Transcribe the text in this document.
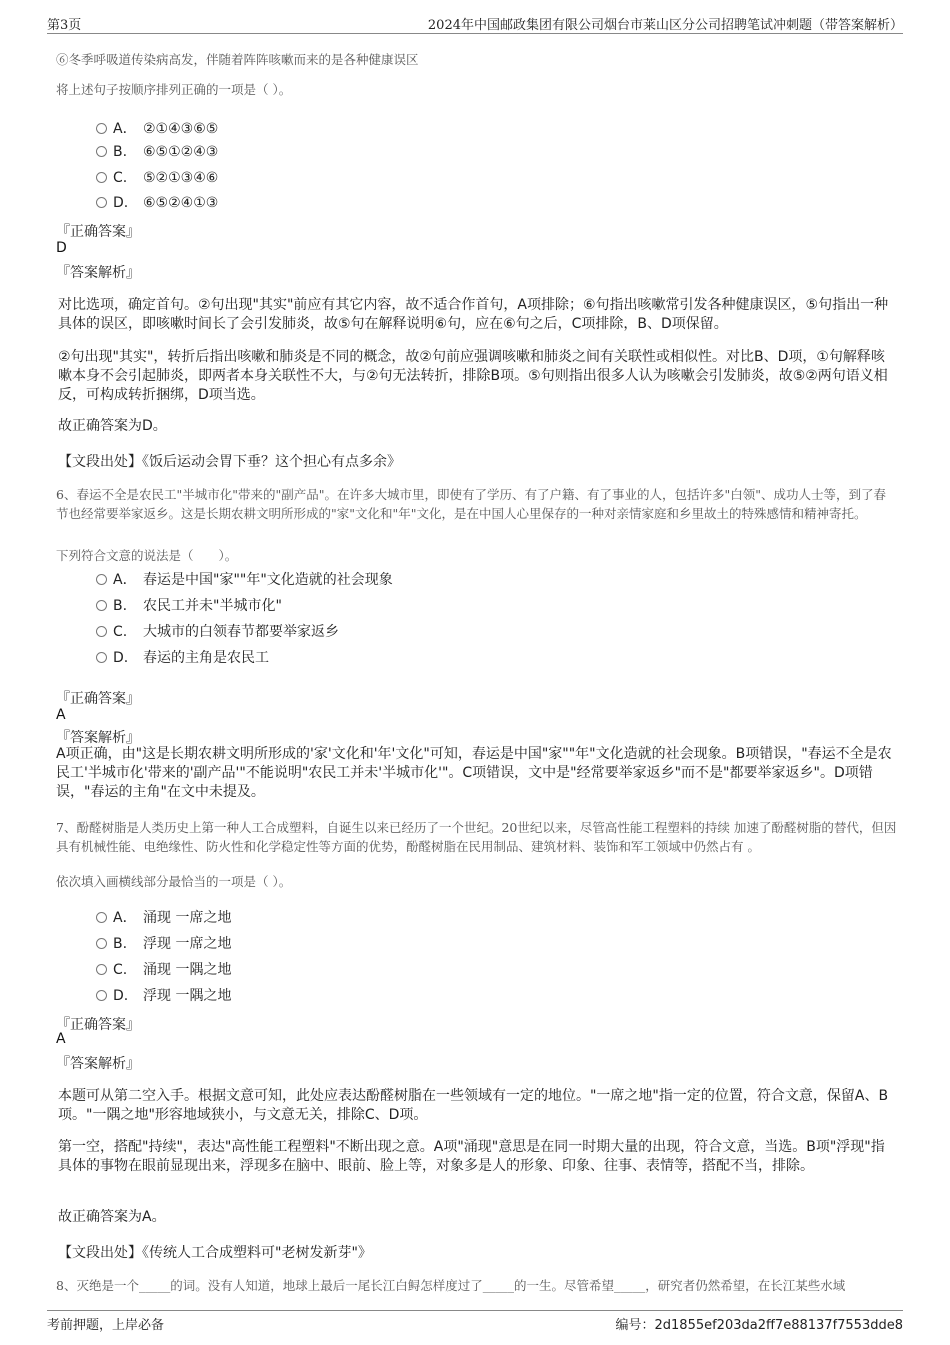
第3页	2024年中国邮政集团有限公司烟台市莱山区分公司招聘笔试冲刺题（带答案解析）
⑥冬季呼吸道传染病高发，伴随着阵阵咳嗽而来的是各种健康误区
将上述句子按顺序排列正确的一项是（ ）。
A． ②①④③⑥⑤
B. ⑥⑤①②④③
C. ⑤②①③④⑥
D. ⑥⑤②④①③
『正确答案』
D
『答案解析』
对比选项，确定首句。②句出现"其实"前应有其它内容，故不适合作首句，A项排除；⑥句指出咳嗽常引发各种健康误区，⑤句指出一种具体的误区，即咳嗽时间长了会引发肺炎，故⑤句在解释说明⑥句，应在⑥句之后，C项排除，B、D项保留。
②句出现"其实"，转折后指出咳嗽和肺炎是不同的概念，故②句前应强调咳嗽和肺炎之间有关联性或相似性。对比B、D项，①句解释咳嗽本身不会引起肺炎，即两者本身关联性不大，与②句无法转折，排除B项。⑤句则指出很多人认为咳嗽会引发肺炎，故⑤②两句语义相反，可构成转折捆绑，D项当选。
故正确答案为D。
【文段出处】《饭后运动会胃下垂？这个担心有点多余》
6、春运不全是农民工"半城市化"带来的"副产品"。在许多大城市里，即使有了学历、有了户籍、有了事业的人，包括许多"白领"、成功人士等，到了春节也经常要举家返乡。这是长期农耕文明所形成的"家"文化和"年"文化，是在中国人心里保存的一种对亲情家庭和乡里故土的特殊感情和精神寄托。
下列符合文意的说法是（　　）。
A． 春运是中国"家""年"文化造就的社会现象
B. 农民工并未"半城市化"
C. 大城市的白领春节都要举家返乡
D. 春运的主角是农民工
『正确答案』
A
『答案解析』
A项正确，由"这是长期农耕文明所形成的'家'文化和'年'文化"可知，春运是中国"家""年"文化造就的社会现象。B项错误，"春运不全是农民工'半城市化'带来的'副产品'"不能说明"农民工并未'半城市化'"。C项错误，文中是"经常要举家返乡"而不是"都要举家返乡"。D项错误，"春运的主角"在文中未提及。
7、酚醛树脂是人类历史上第一种人工合成塑料，自诞生以来已经历了一个世纪。20世纪以来，尽管高性能工程塑料的持续 加速了酚醛树脂的替代，但因具有机械性能、电绝缘性、防火性和化学稳定性等方面的优势，酚醛树脂在民用制品、建筑材料、装饰和军工领域中仍然占有 。
依次填入画横线部分最恰当的一项是（ ）。
A． 涌现 一席之地
B. 浮现 一席之地
C. 涌现 一隅之地
D. 浮现 一隅之地
『正确答案』
A
『答案解析』
本题可从第二空入手。根据文意可知，此处应表达酚醛树脂在一些领域有一定的地位。"一席之地"指一定的位置，符合文意，保留A、B项。"一隅之地"形容地域狭小，与文意无关，排除C、D项。
第一空，搭配"持续"，表达"高性能工程塑料"不断出现之意。A项"涌现"意思是在同一时期大量的出现，符合文意，当选。B项"浮现"指具体的事物在眼前显现出来，浮现多在脑中、眼前、脸上等，对象多是人的形象、印象、往事、表情等，搭配不当，排除。
故正确答案为A。
【文段出处】《传统人工合成塑料可"老树发新芽"》
8、灭绝是一个_____的词。没有人知道，地球上最后一尾长江白鲟怎样度过了_____的一生。尽管希望_____，研究者仍然希望，在长江某些水域
考前押题，上岸必备	编号：2d1855ef203da2ff7e88137f7553dde8
